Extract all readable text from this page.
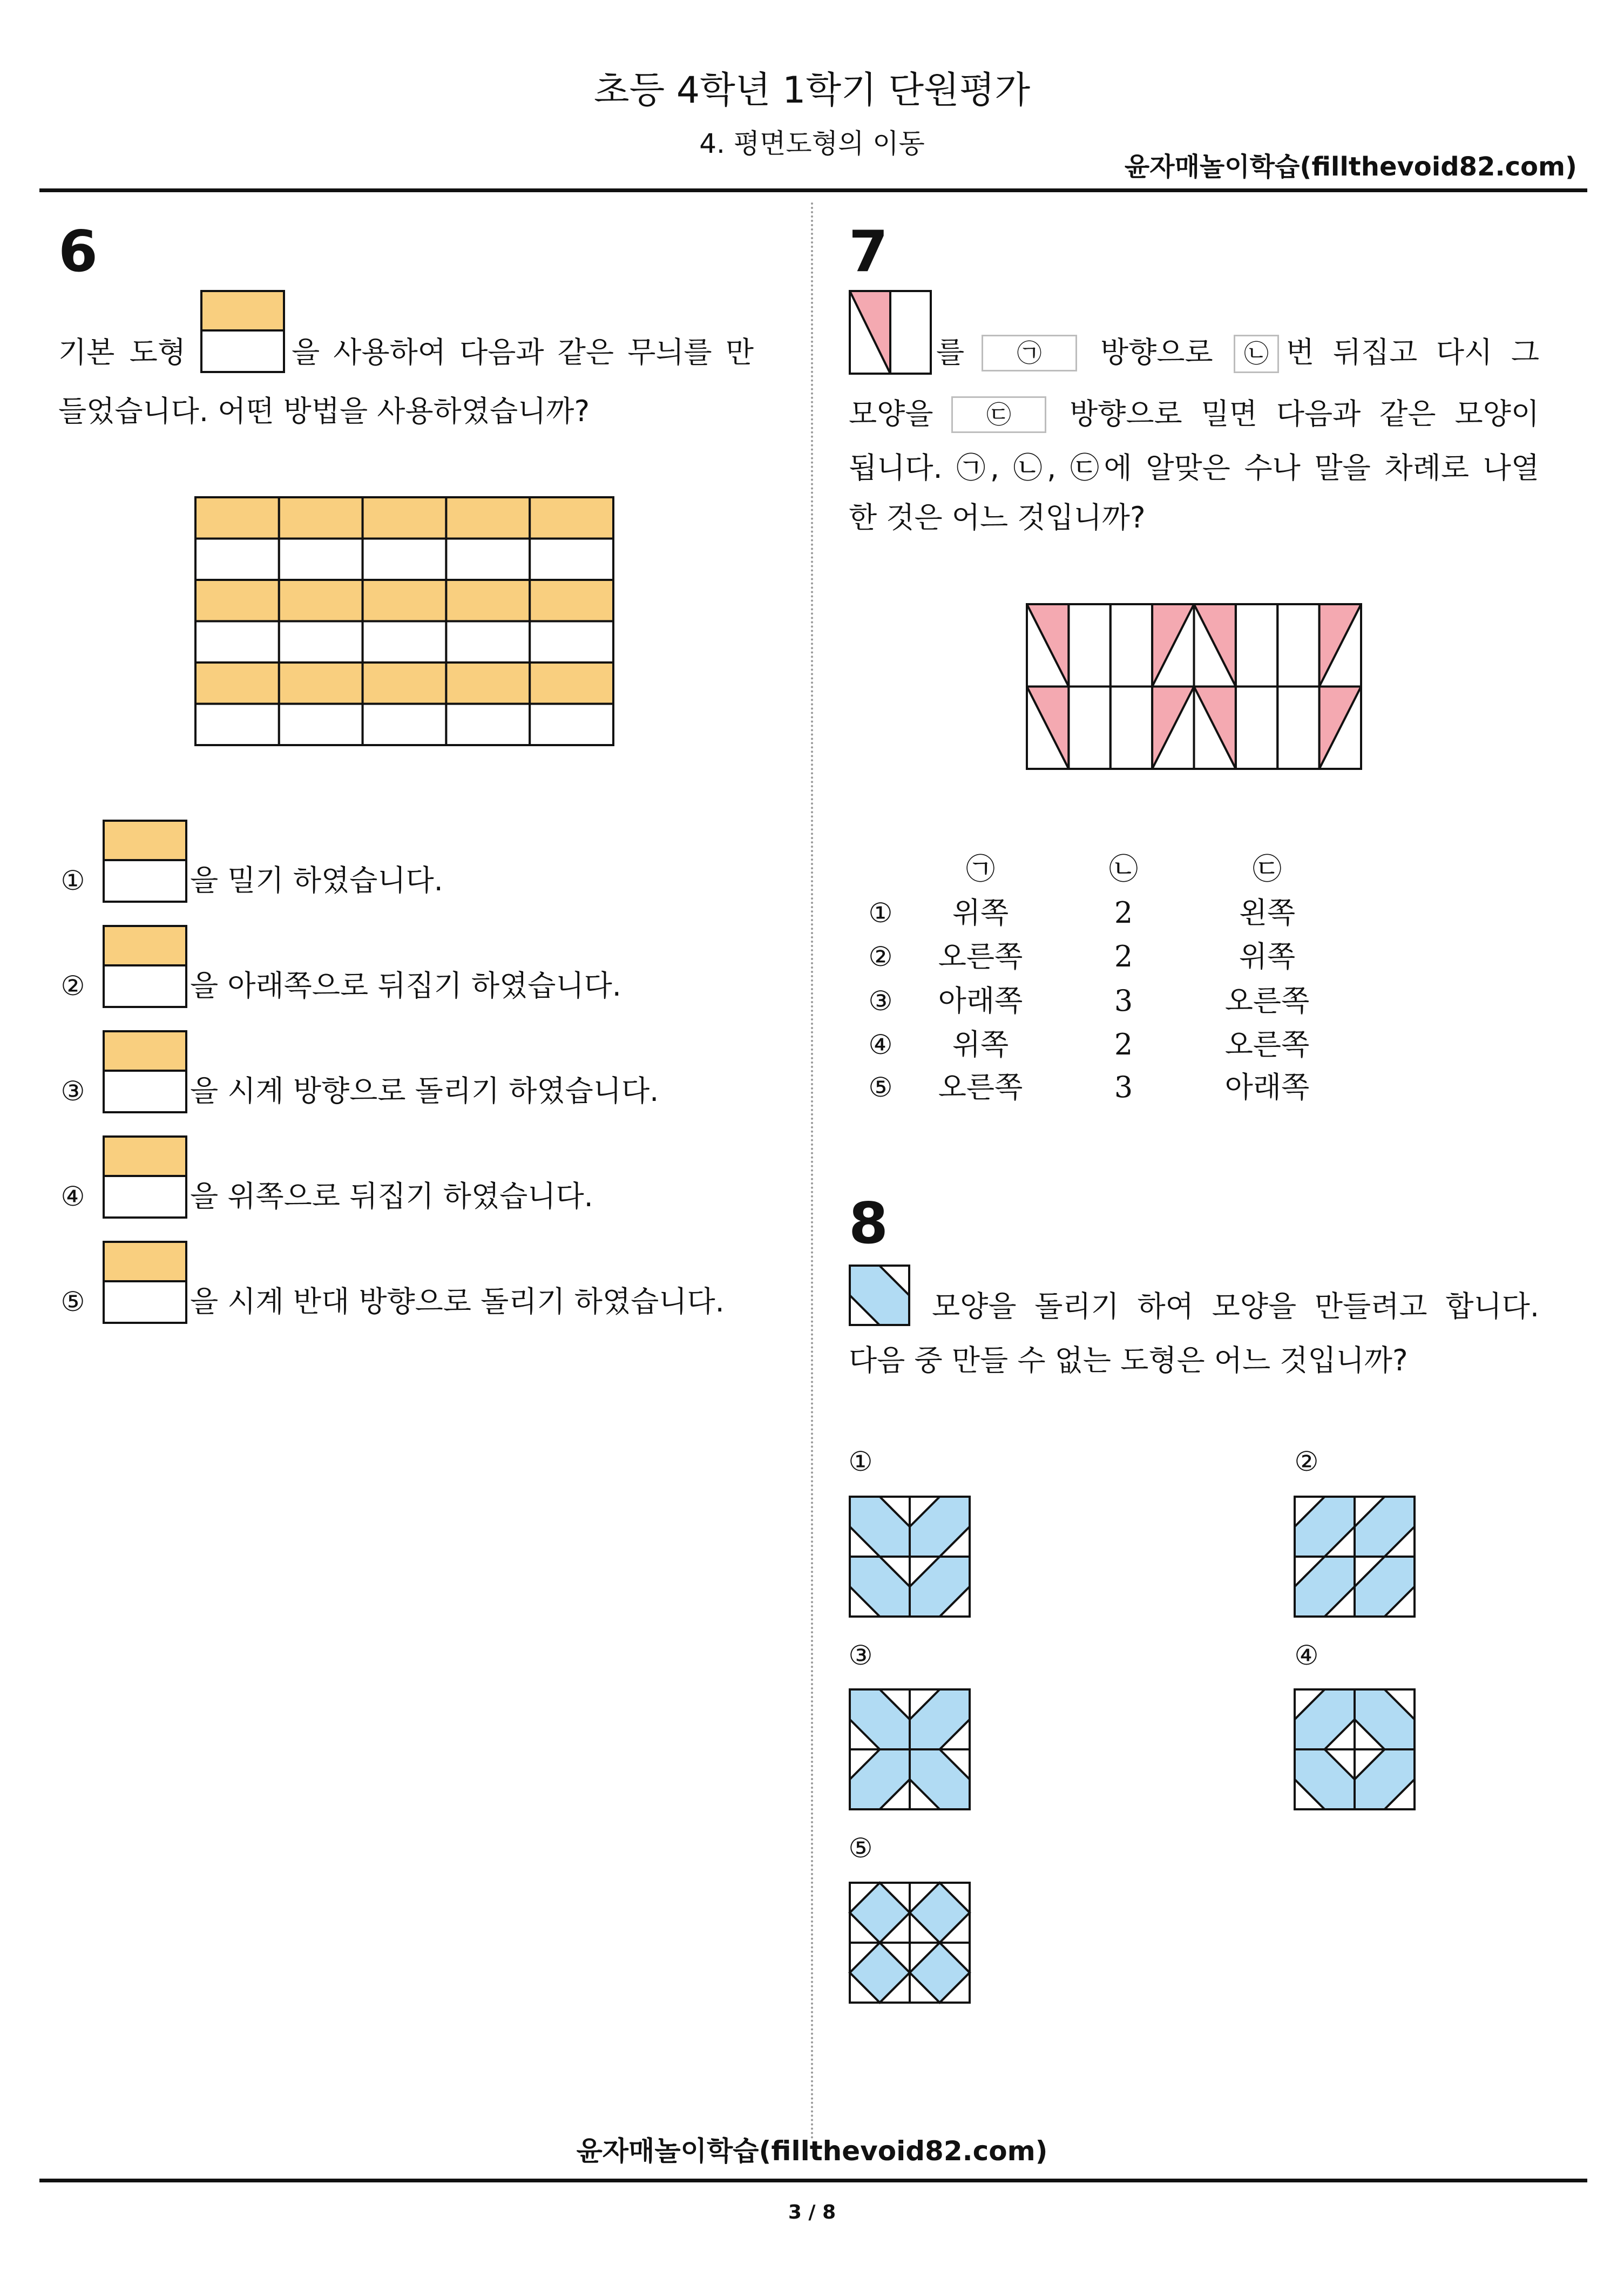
초등 4학년 1학기 단원평가
4. 평면도형의 이동
윤자매놀이학습(fillthevoid82.com)
6
기본 도형	을 사용하여 다음과 같은 무늬를 만
들었습니다. 어떤 방법을 사용하였습니까?
①	을 밀기 하였습니다.
②	을 아래쪽으로 뒤집기 하였습니다.
③	을 시계 방향으로 돌리기 하였습니다.
④	을 위쪽으로 뒤집기 하였습니다.
⑤	을 시계 반대 방향으로 돌리기 하였습니다.
7
를	㉠	방향으로	㉡ 번 뒤집고 다시 그
모양을	㉢	방향으로 밀면 다음과 같은 모양이
됩니다. ㉠, ㉡, ㉢에 알맞은 수나 말을 차례로 나열
한 것은 어느 것입니까?
㉠	㉡	㉢
①	위쪽	2	왼쪽
②	오른쪽	2	위쪽
③	아래쪽	3	오른쪽
④	위쪽	2	오른쪽
⑤	오른쪽	3	아래쪽
8
모양을 돌리기 하여 모양을 만들려고 합니다.
다음 중 만들 수 없는 도형은 어느 것입니까?
①	②
③	④
⑤
윤자매놀이학습(fillthevoid82.com)
3 / 8
